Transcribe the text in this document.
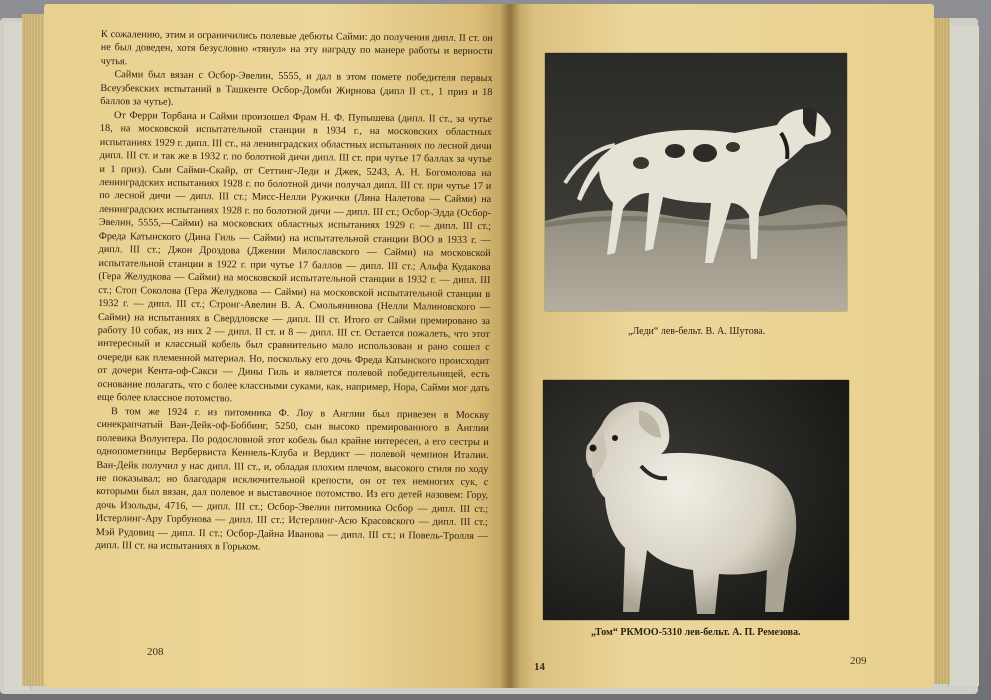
К сожалению, этим и ограничились полевые дебюты Сайми: до получения дипл. II ст. он не был доведен, хотя безусловно «тянул» на эту награду по манере работы и верности чутья.

Сайми был вязан с Осбор-Эвелин, 5555, и дал в этом пометe победителя первых Всеузбекских испытаний в Ташкенте Осбор-Домби Жирнова (дипл II ст., 1 приз и 18 баллов за чутье).

От Ферри Торбана и Сайми произошел Фрам Н. Ф. Пупышева (дипл. II ст., за чутье 18, на московской испытательной станции в 1934 г., на московских областных испытаниях 1929 г. дипл. III ст., на ленинградских областных испытаниях по лесной дичи дипл. III ст. и так же в 1932 г. по болотной дичи дипл. III ст. при чутье 17 баллах за чутье и 1 приз). Сын Сайми-Скайр, от Сеттинг-Леди и Джек, 5243, А. Н. Богомолова на ленинградских испытаниях 1928 г. по болотной дичи получал дипл. III ст. при чутье 17 и по лесной дичи — дипл. III ст.; Мисс-Нелли Ружички (Лина Налетова — Сайми) на ленинградских испытаниях 1928 г. по болотной дичи — дипл. III ст.; Осбор-Эдда (Осбор-Эвелин, 5555,—Сайми) на московских областных испытаниях 1929 г. — дипл. III ст.; Фреда Катынского (Дина Гиль — Сайми) на испытательной станции ВОО в 1933 г. — дипл. III ст.; Джон Дроздова (Джении Милославского — Сайми) на московской испытательной станции в 1922 г. при чутье 17 баллов — дипл. III ст.; Альфа Кудакова (Гера Желудкова — Сайми) на московской испытательной станции в 1932 г. — дипл. III ст.; Стоп Соколова (Гера Желудкова — Сайми) на московской испытательной станции в 1932 г. — дипл. III ст.; Стронг-Авелин В. А. Смольянинова (Нелли Малиновского — Сайми) на испытаниях в Свердловске — дипл. III ст. Итого от Сайми премировано за работу 10 собак, из них 2 — дипл. II ст. и 8 — дипл. III ст. Остается пожалеть, что этот интересный и классный кобель был сравнительно мало использован и рано сошел с очереди как племенной материал. Но, поскольку его дочь Фреда Катынского происходит от дочери Кента-оф-Сакси — Дины Гиль и является полевой победительницей, есть основание полагать, что с более классными суками, как, например, Нора, Сайми мог дать еще более классное потомство.

В том же 1924 г. из питомника Ф. Лоу в Англии был привезен в Москву синекрапчатый Ван-Дейк-оф-Боббинг, 5250, сын высоко премированного в Англии полевика Волунтера. По родословной этот кобель был крайне интересен, а его сестры и однопометницы Вербервиста Кеннель-Клуба и Вердикт — полевой чемпион Италии. Ван-Дейк получил у нас дипл. III ст., и, обладая плохим плечом, высокого стиля по ходу не показывал; но благодаря исключительной крепости, он от тех немногих сук, с которыми был вязан, дал полевое и выставочное потомство. Из его детей назовем: Гору, дочь Изольды, 4716, — дипл. III ст.; Осбор-Эвелин питомника Осбор — дипл. III ст.; Истерлинг-Ару Горбунова — дипл. III ст.; Истерлинг-Асю Красовского — дипл. III ст.; Мэй Рудовиц — дипл. II ст.; Осбор-Дайна Иванова — дипл. III ст.; и Повель-Тролля — дипл. III ст. на испытаниях в Горьком.

208
„Леди“ лев-бельт. В. А. Шутова.
„Том“ РКМОО-5310 лев-бельт. А. П. Ремезова.
14	209
